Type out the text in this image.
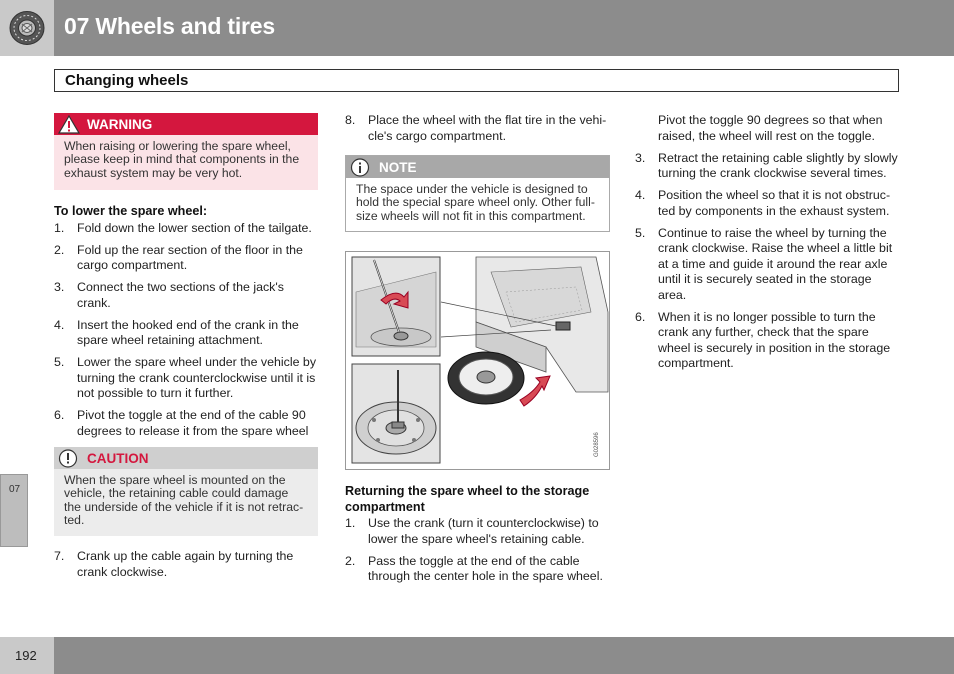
07 Wheels and tires
Changing wheels
WARNING
When raising or lowering the spare wheel, please keep in mind that components in the exhaust system may be very hot.
To lower the spare wheel:
1. Fold down the lower section of the tailgate.
2. Fold up the rear section of the floor in the cargo compartment.
3. Connect the two sections of the jack's crank.
4. Insert the hooked end of the crank in the spare wheel retaining attachment.
5. Lower the spare wheel under the vehicle by turning the crank counterclockwise until it is not possible to turn it further.
6. Pivot the toggle at the end of the cable 90 degrees to release it from the spare wheel
CAUTION
When the spare wheel is mounted on the vehicle, the retaining cable could damage the underside of the vehicle if it is not retrac-ted.
7. Crank up the cable again by turning the crank clockwise.
8. Place the wheel with the flat tire in the vehi-cle's cargo compartment.
NOTE
The space under the vehicle is designed to hold the special spare wheel only. Other full-size wheels will not fit in this compartment.
G028596
Returning the spare wheel to the storage compartment
1. Use the crank (turn it counterclockwise) to lower the spare wheel's retaining cable.
2. Pass the toggle at the end of the cable through the center hole in the spare wheel.

Pivot the toggle 90 degrees so that when raised, the wheel will rest on the toggle.

3. Retract the retaining cable slightly by slowly turning the crank clockwise several times.
4. Position the wheel so that it is not obstruc-ted by components in the exhaust system.
5. Continue to raise the wheel by turning the crank clockwise. Raise the wheel a little bit at a time and guide it around the rear axle until it is securely seated in the storage area.
6. When it is no longer possible to turn the crank any further, check that the spare wheel is securely in position in the storage compartment.
07
192
